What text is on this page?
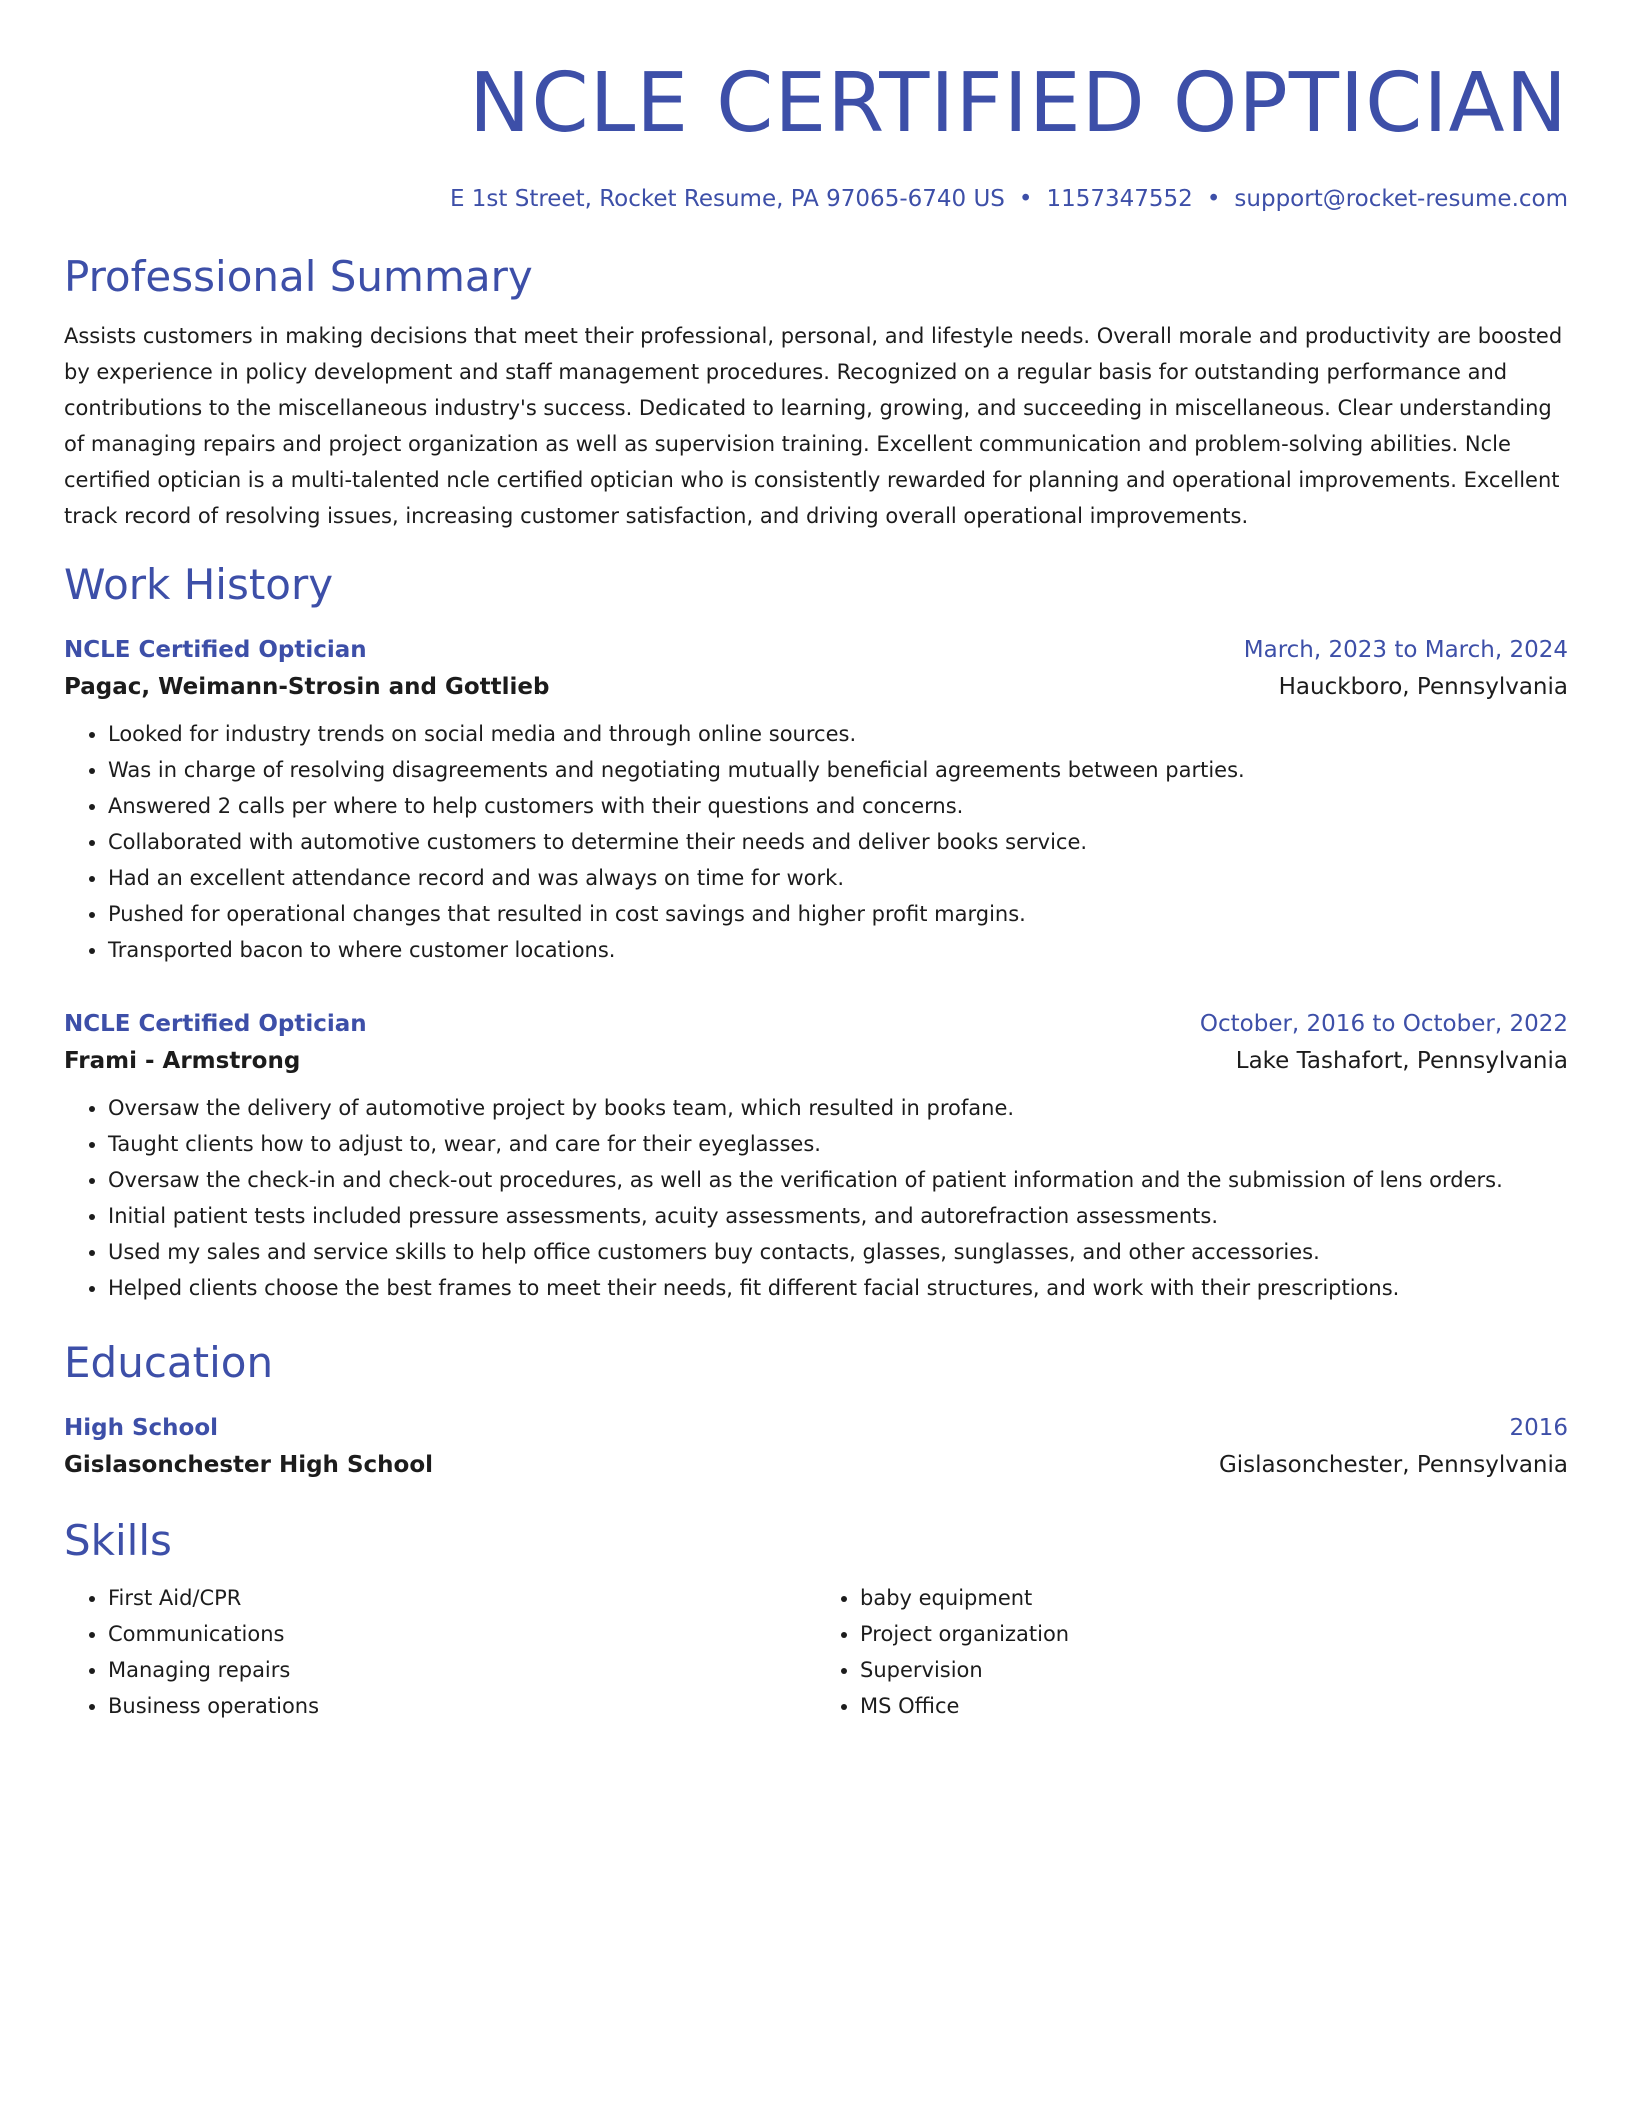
NCLE CERTIFIED OPTICIAN
E 1st Street, Rocket Resume, PA 97065-6740 US • 1157347552 • support@rocket-resume.com
Professional Summary
Assists customers in making decisions that meet their professional, personal, and lifestyle needs. Overall morale and productivity are boosted by experience in policy development and staff management procedures. Recognized on a regular basis for outstanding performance and contributions to the miscellaneous industry's success. Dedicated to learning, growing, and succeeding in miscellaneous. Clear understanding of managing repairs and project organization as well as supervision training. Excellent communication and problem-solving abilities. Ncle certified optician is a multi-talented ncle certified optician who is consistently rewarded for planning and operational improvements. Excellent track record of resolving issues, increasing customer satisfaction, and driving overall operational improvements.
Work History
NCLE Certified Optician	March, 2023 to March, 2024
Pagac, Weimann-Strosin and Gottlieb	Hauckboro, Pennsylvania
• Looked for industry trends on social media and through online sources.
• Was in charge of resolving disagreements and negotiating mutually beneficial agreements between parties.
• Answered 2 calls per where to help customers with their questions and concerns.
• Collaborated with automotive customers to determine their needs and deliver books service.
• Had an excellent attendance record and was always on time for work.
• Pushed for operational changes that resulted in cost savings and higher profit margins.
• Transported bacon to where customer locations.
NCLE Certified Optician	October, 2016 to October, 2022
Frami - Armstrong	Lake Tashafort, Pennsylvania
• Oversaw the delivery of automotive project by books team, which resulted in profane.
• Taught clients how to adjust to, wear, and care for their eyeglasses.
• Oversaw the check-in and check-out procedures, as well as the verification of patient information and the submission of lens orders.
• Initial patient tests included pressure assessments, acuity assessments, and autorefraction assessments.
• Used my sales and service skills to help office customers buy contacts, glasses, sunglasses, and other accessories.
• Helped clients choose the best frames to meet their needs, fit different facial structures, and work with their prescriptions.
Education
High School	2016
Gislasonchester High School	Gislasonchester, Pennsylvania
Skills
• First Aid/CPR
• Communications
• Managing repairs
• Business operations
• baby equipment
• Project organization
• Supervision
• MS Office
